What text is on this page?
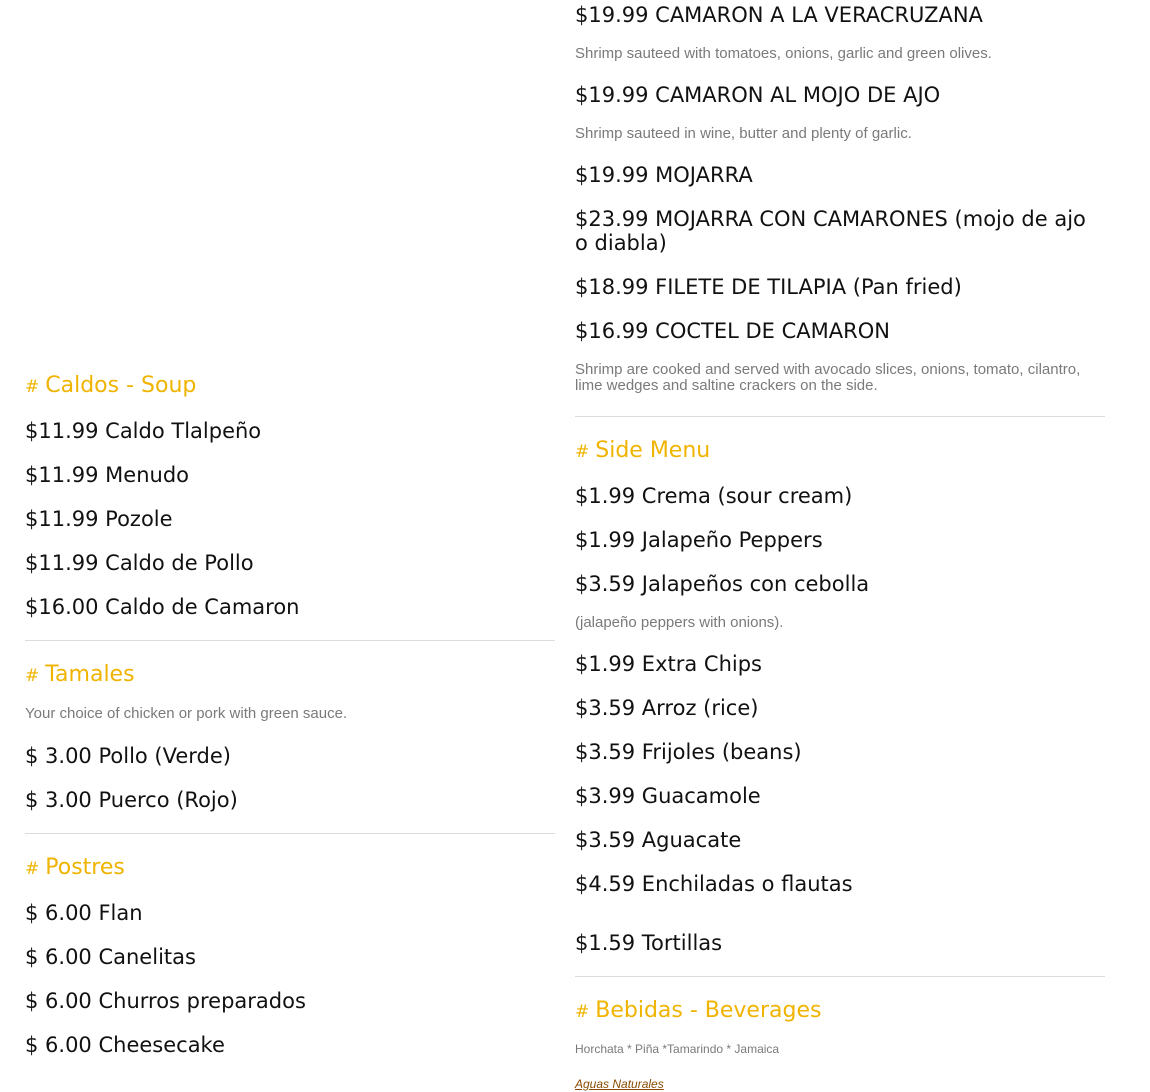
# Caldos - Soup
$11.99 Caldo Tlalpeño
$11.99 Menudo
$11.99 Pozole
$11.99 Caldo de Pollo
$16.00 Caldo de Camaron
# Tamales
Your choice of chicken or pork with green sauce.
$ 3.00 Pollo (Verde)
$ 3.00 Puerco (Rojo)
# Postres
$ 6.00 Flan
$ 6.00 Canelitas
$ 6.00 Churros preparados
$ 6.00 Cheesecake
$19.99 CAMARON A LA VERACRUZANA
Shrimp sauteed with tomatoes, onions, garlic and green olives.
$19.99 CAMARON AL MOJO DE AJO
Shrimp sauteed in wine, butter and plenty of garlic.
$19.99 MOJARRA
$23.99 MOJARRA CON CAMARONES (mojo de ajo o diabla)
$18.99 FILETE DE TILAPIA (Pan fried)
$16.99 COCTEL DE CAMARON
Shrimp are cooked and served with avocado slices, onions, tomato, cilantro, lime wedges and saltine crackers on the side.
# Side Menu
$1.99 Crema (sour cream)
$1.99 Jalapeño Peppers
$3.59 Jalapeños con cebolla
(jalapeño peppers with onions).
$1.99 Extra Chips
$3.59 Arroz (rice)
$3.59 Frijoles (beans)
$3.99 Guacamole
$3.59 Aguacate
$4.59 Enchiladas o flautas
$1.59 Tortillas
# Bebidas - Beverages
Horchata * Piña *Tamarindo * Jamaica
Aguas Naturales
